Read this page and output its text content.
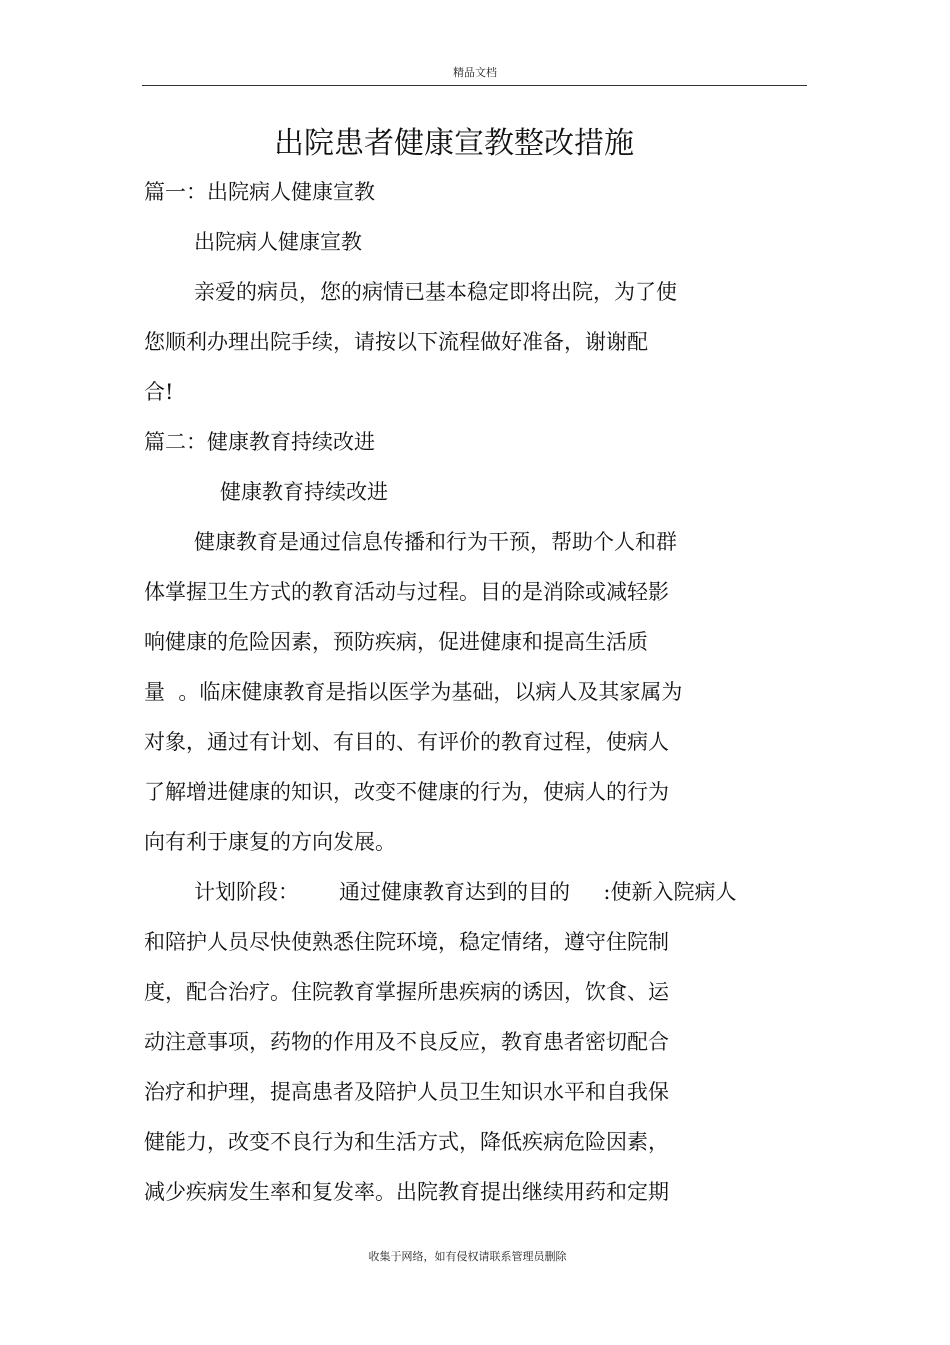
精品文档
出院患者健康宣教整改措施
篇一：出院病人健康宣教
出院病人健康宣教
亲爱的病员，您的病情已基本稳定即将出院，为了使
您顺利办理出院手续，请按以下流程做好准备，谢谢配
合!
篇二：健康教育持续改进
健康教育持续改进
健康教育是通过信息传播和行为干预，帮助个人和群
体掌握卫生方式的教育活动与过程。目的是消除或减轻影
响健康的危险因素，预防疾病，促进健康和提高生活质
量  。临床健康教育是指以医学为基础，以病人及其家属为
对象，通过有计划、有目的、有评价的教育过程，使病人
了解增进健康的知识，改变不健康的行为，使病人的行为
向有利于康复的方向发展。
计划阶段：      通过健康教育达到的目的     :使新入院病人
和陪护人员尽快使熟悉住院环境，稳定情绪，遵守住院制
度，配合治疗。住院教育掌握所患疾病的诱因，饮食、运
动注意事项，药物的作用及不良反应，教育患者密切配合
治疗和护理，提高患者及陪护人员卫生知识水平和自我保
健能力，改变不良行为和生活方式，降低疾病危险因素，
减少疾病发生率和复发率。出院教育提出继续用药和定期
收集于网络，如有侵权请联系管理员删除
